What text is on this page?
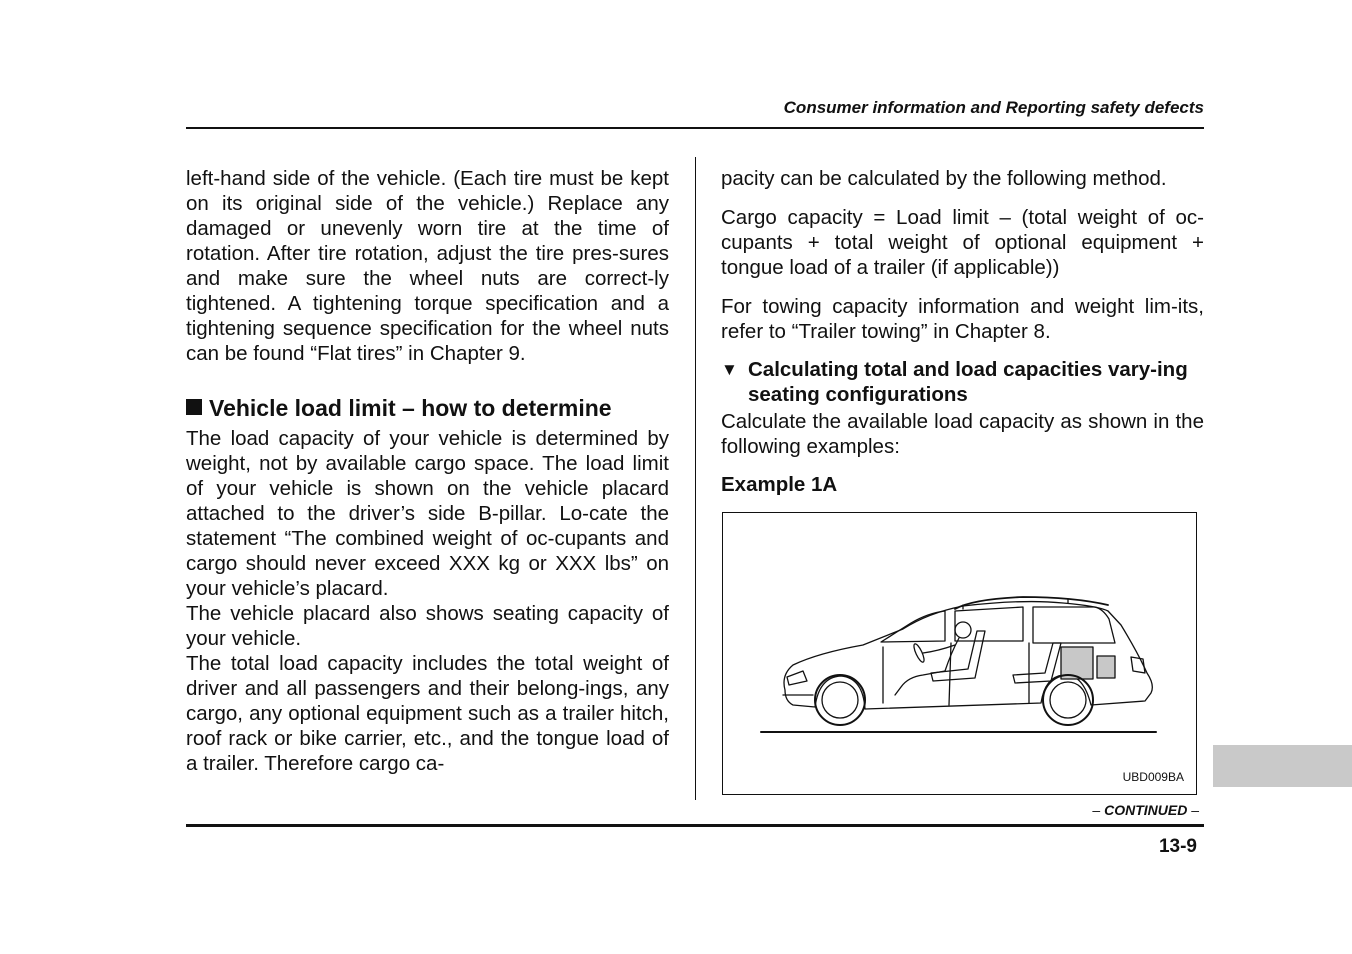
Consumer information and Reporting safety defects

left-hand side of the vehicle. (Each tire must be kept on its original side of the vehicle.) Replace any damaged or unevenly worn tire at the time of rotation. After tire rotation, adjust the tire pres-sures and make sure the wheel nuts are correct-ly tightened. A tightening torque specification and a tightening sequence specification for the wheel nuts can be found “Flat tires” in Chapter 9.

Vehicle load limit – how to determine

The load capacity of your vehicle is determined by weight, not by available cargo space. The load limit of your vehicle is shown on the vehicle placard attached to the driver’s side B-pillar. Lo-cate the statement “The combined weight of oc-cupants and cargo should never exceed XXX kg or XXX lbs” on your vehicle’s placard.

The vehicle placard also shows seating capacity of your vehicle.

The total load capacity includes the total weight of driver and all passengers and their belong-ings, any cargo, any optional equipment such as a trailer hitch, roof rack or bike carrier, etc., and the tongue load of a trailer. Therefore cargo ca-

pacity can be calculated by the following method.

Cargo capacity = Load limit – (total weight of oc-cupants + total weight of optional equipment + tongue load of a trailer (if applicable))

For towing capacity information and weight lim-its, refer to “Trailer towing” in Chapter 8.

▼ Calculating total and load capacities vary-ing seating configurations

Calculate the available load capacity as shown in the following examples:

Example 1A

UBD009BA
– CONTINUED –
13-9
